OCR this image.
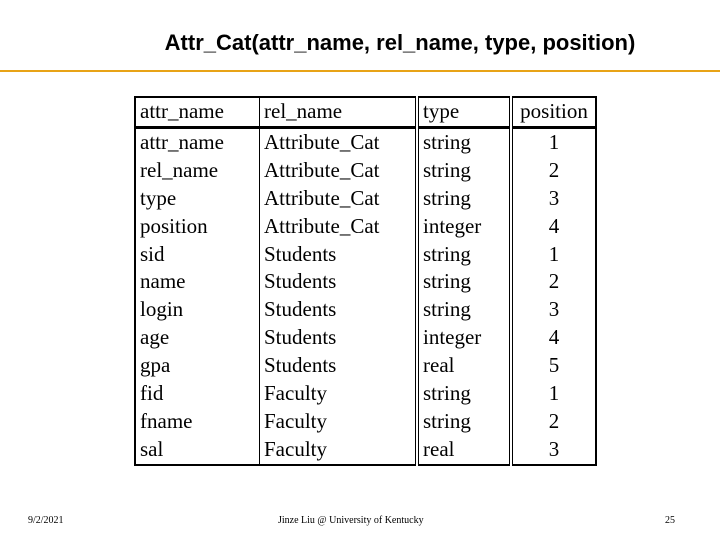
Attr_Cat(attr_name, rel_name, type, position)
attr_name	rel_name	type	position
attr_name	Attribute_Cat	string	1
rel_name	Attribute_Cat	string	2
type	Attribute_Cat	string	3
position	Attribute_Cat	integer	4
sid	Students	string	1
name	Students	string	2
login	Students	string	3
age	Students	integer	4
gpa	Students	real	5
fid	Faculty	string	1
fname	Faculty	string	2
sal	Faculty	real	3
9/2/2021	Jinze Liu @ University of Kentucky	25
